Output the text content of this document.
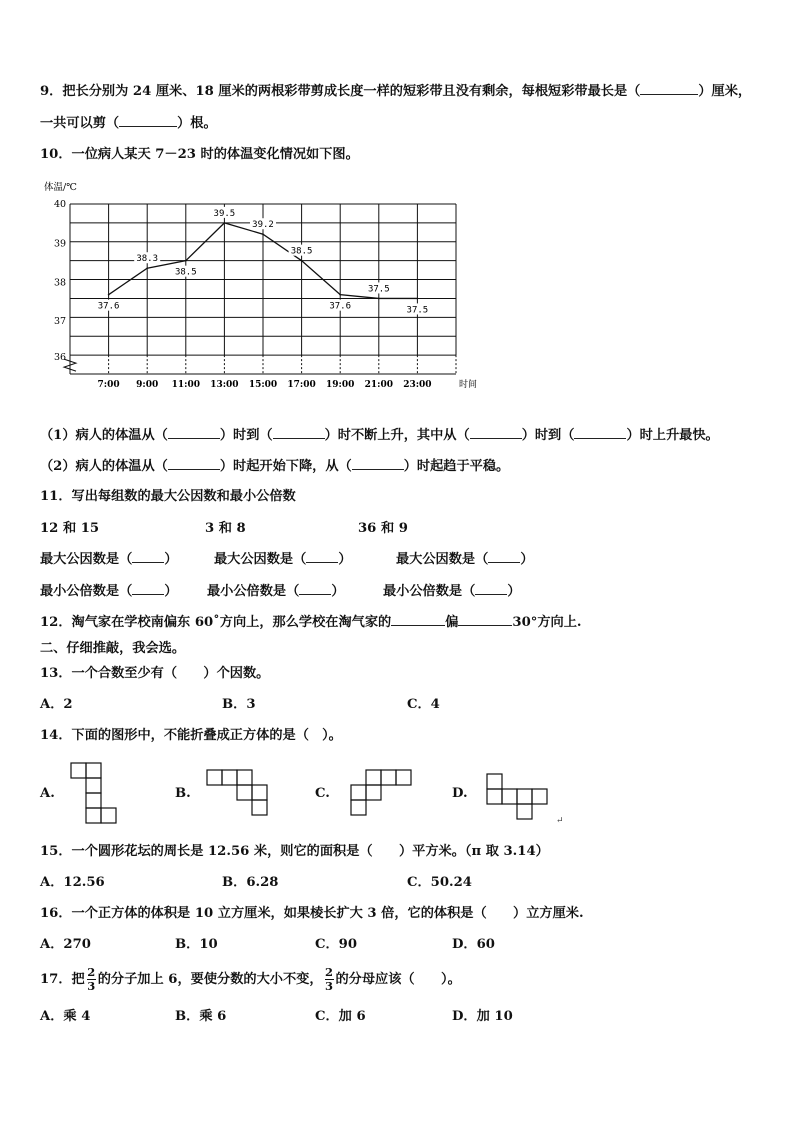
9．把长分别为 24 厘米、18 厘米的两根彩带剪成长度一样的短彩带且没有剩余，每根短彩带最长是（	）厘米，
一共可以剪（	）根。
10．一位病人某天 7－23 时的体温变化情况如下图。
体温/℃
40
39
38
37
36
7:00 9:00 11:00 13:00 15:00 17:00 19:00 21:00 23:00	时间
37.6
38.3
38.5
39.5
39.2
38.5
37.6
37.5
37.5
（1）病人的体温从（	）时到（	）时不断上升，其中从（	）时到（	）时上升最快。
（2）病人的体温从（	）时起开始下降，从（	）时起趋于平稳。
11．写出每组数的最大公因数和最小公倍数
12 和 15	3 和 8	36 和 9
最大公因数是（ ）	最大公因数是（ ）	最大公因数是（ ）
最小公倍数是（ ） 最小公倍数是（ ）	最小公倍数是（ ）
12．淘气家在学校南偏东 60˚方向上，那么学校在淘气家的	偏	30°方向上.
二、仔细推敲，我会选。
13．一个合数至少有（　　）个因数。
A．2	B．3	C．4
14．下面的图形中，不能折叠成正方体的是（　）。
A.	B.	C.	D.
↵
15．一个圆形花坛的周长是 12.56 米，则它的面积是（　　）平方米。（π 取 3.14）
A．12.56	B．6.28	C．50.24
16．一个正方体的体积是 10 立方厘米，如果棱长扩大 3 倍，它的体积是（　　）立方厘米.
A．270	B．10	C．90	D．60
17．把 $\frac{2}{3}$ 的分子加上 6，要使分数的大小不变， $\frac{2}{3}$ 的分母应该（　　）。
A．乘 4	B．乘 6	C．加 6	D．加 10
